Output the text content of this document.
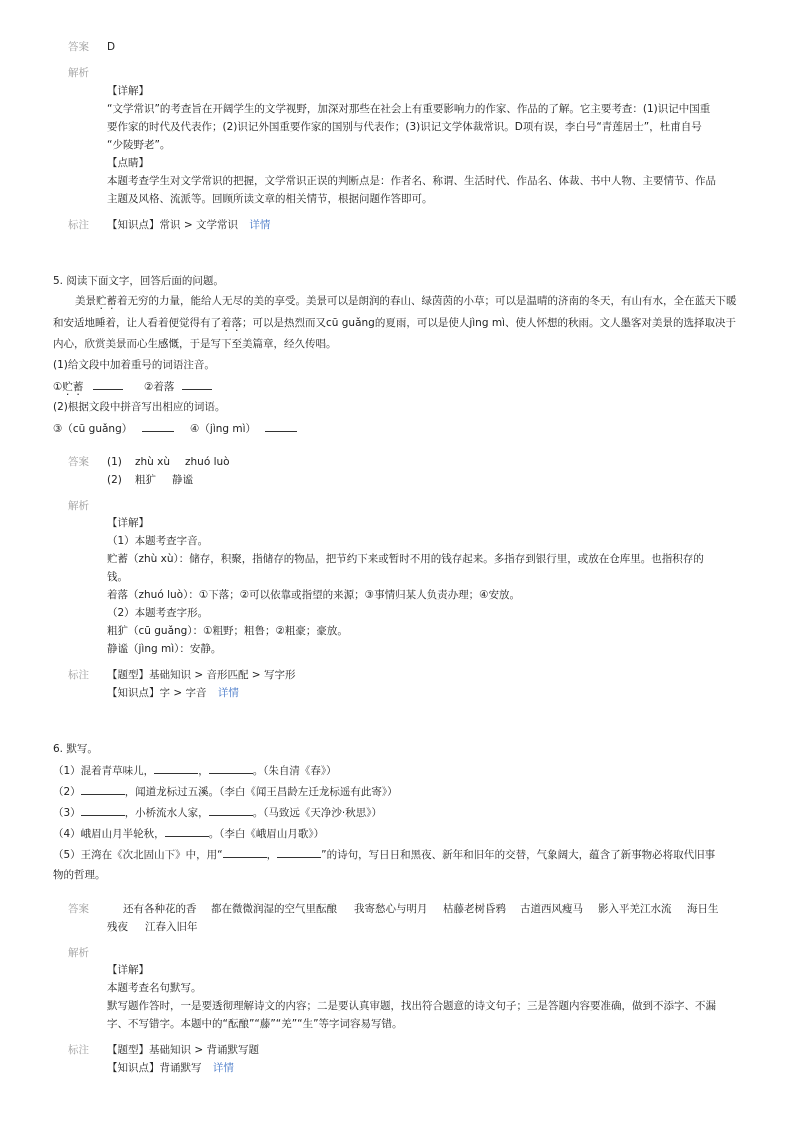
答案 D
解析
【详解】
“文学常识”的考查旨在开阔学生的文学视野，加深对那些在社会上有重要影响力的作家、作品的了解。它主要考查：(1)识记中国重
要作家的时代及代表作；(2)识记外国重要作家的国别与代表作；(3)识记文学体裁常识。D项有误，李白号“青莲居士”，杜甫自号
“少陵野老”。
【点睛】
本题考查学生对文学常识的把握，文学常识正误的判断点是：作者名、称谓、生活时代、作品名、体裁、书中人物、主要情节、作品
主题及风格、流派等。回顾所读文章的相关情节，根据问题作答即可。
标注 【知识点】常识 > 文学常识 详情
5. 阅读下面文字，回答后面的问题。
美景贮蓄着无穷的力量，能给人无尽的美的享受。美景可以是朗润的春山、绿茵茵的小草；可以是温晴的济南的冬天，有山有水，全在蓝天下暖
和安适地睡着，让人看着便觉得有了着落；可以是热烈而又cū guǎng的夏雨，可以是使人jìng mì、使人怀想的秋雨。文人墨客对美景的选择取决于
内心，欣赏美景而心生感慨，于是写下至美篇章，经久传唱。
(1)给文段中加着重号的词语注音。
①贮蓄	②着落
(2)根据文段中拼音写出相应的词语。
③（cū guǎng）	④（jìng mì）
答案 (1) zhù xù zhuó luò
(2) 粗犷 静谧
解析
【详解】
（1）本题考查字音。
贮蓄（zhù xù）：储存，积聚，指储存的物品，把节约下来或暂时不用的钱存起来。多指存到银行里，或放在仓库里。也指积存的
钱。
着落（zhuó luò）：①下落；②可以依靠或指望的来源；③事情归某人负责办理；④安放。
（2）本题考查字形。
粗犷（cū guǎng）：①粗野；粗鲁；②粗豪；豪放。
静谧（jìng mì）：安静。
标注 【题型】基础知识 > 音形匹配 > 写字形
【知识点】字 > 字音 详情
6. 默写。
（1）混着青草味儿，	，	。（朱自清《春》）
（2）	，闻道龙标过五溪。（李白《闻王昌龄左迁龙标遥有此寄》）
（3）	，小桥流水人家，	。（马致远《天净沙·秋思》）
（4）峨眉山月半轮秋，	。（李白《峨眉山月歌》）
（5）王湾在《次北固山下》中，用“	，	”的诗句，写日日和黑夜、新年和旧年的交替，气象阔大，蕴含了新事物必将取代旧事
物的哲理。
答案	还有各种花的香 都在微微润湿的空气里酝酿 我寄愁心与明月 枯藤老树昏鸦 古道西风瘦马 影入平羌江水流 海日生
残夜 江春入旧年
解析
【详解】
本题考查名句默写。
默写题作答时，一是要透彻理解诗文的内容；二是要认真审题，找出符合题意的诗文句子；三是答题内容要准确，做到不添字、不漏
字、不写错字。本题中的“酝酿”“藤”“羌”“生”等字词容易写错。
标注 【题型】基础知识 > 背诵默写题
【知识点】背诵默写 详情
